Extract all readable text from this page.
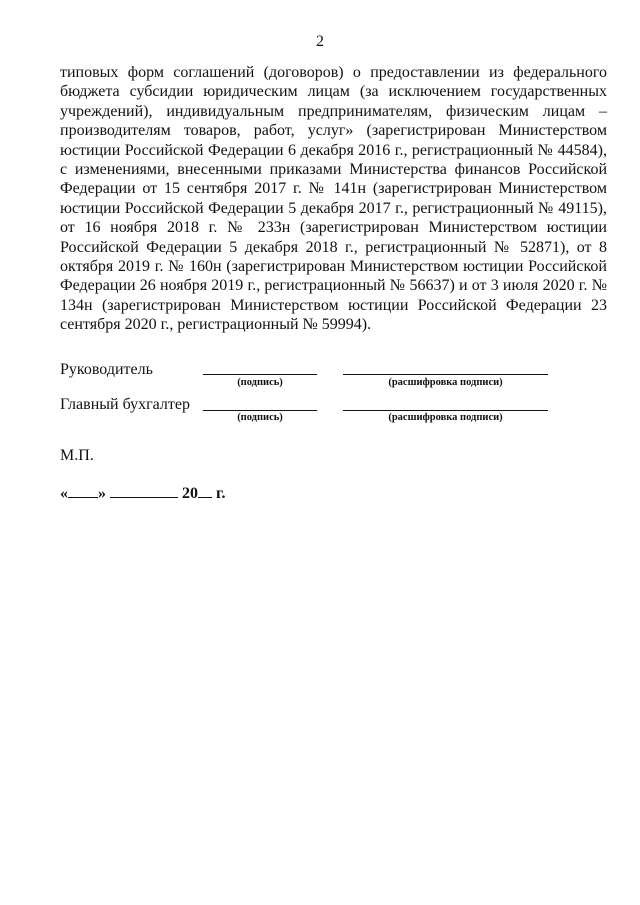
2

типовых форм соглашений (договоров) о предоставлении из федерального бюджета субсидии юридическим лицам (за исключением государственных учреждений), индивидуальным предпринимателям, физическим лицам – производителям товаров, работ, услуг» (зарегистрирован Министерством юстиции Российской Федерации 6 декабря 2016 г., регистрационный № 44584), с изменениями, внесенными приказами Министерства финансов Российской Федерации от 15 сентября 2017 г. № 141н (зарегистрирован Министерством юстиции Российской Федерации 5 декабря 2017 г., регистрационный № 49115), от 16 ноября 2018 г. № 233н (зарегистрирован Министерством юстиции Российской Федерации 5 декабря 2018 г., регистрационный № 52871), от 8 октября 2019 г. № 160н (зарегистрирован Министерством юстиции Российской Федерации 26 ноября 2019 г., регистрационный № 56637) и от 3 июля 2020 г. № 134н (зарегистрирован Министерством юстиции Российской Федерации 23 сентября 2020 г., регистрационный № 59994).

Руководитель
(подпись)	(расшифровка подписи)
Главный бухгалтер
(подпись)	(расшифровка подписи)
М.П.
« »	20 г.
